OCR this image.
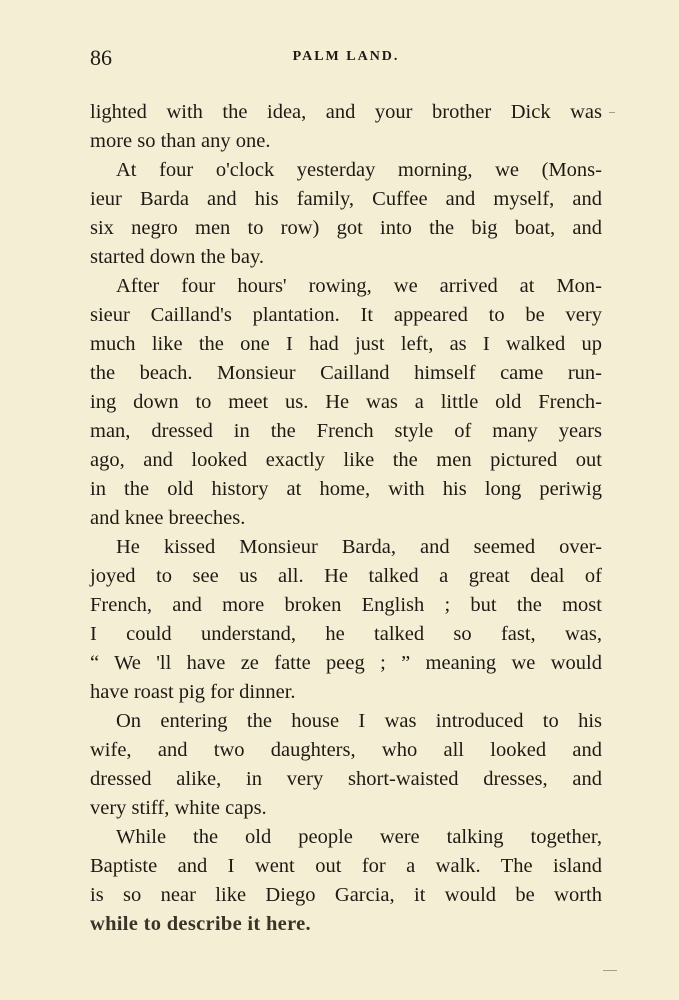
86	PALM LAND.
lighted with the idea, and your brother Dick was
more so than any one.
At four o'clock yesterday morning, we (Mons-
ieur Barda and his family, Cuffee and myself, and
six negro men to row) got into the big boat, and
started down the bay.
After four hours' rowing, we arrived at Mon-
sieur Cailland's plantation. It appeared to be very
much like the one I had just left, as I walked up
the beach. Monsieur Cailland himself came run-
ing down to meet us. He was a little old French-
man, dressed in the French style of many years
ago, and looked exactly like the men pictured out
in the old history at home, with his long periwig
and knee breeches.
He kissed Monsieur Barda, and seemed over-
joyed to see us all. He talked a great deal of
French, and more broken English ; but the most
I could understand, he talked so fast, was,
“ We 'll have ze fatte peeg ; ” meaning we would
have roast pig for dinner.
On entering the house I was introduced to his
wife, and two daughters, who all looked and
dressed alike, in very short-waisted dresses, and
very stiff, white caps.
While the old people were talking together,
Baptiste and I went out for a walk. The island
is so near like Diego Garcia, it would be worth
while to describe it here.
